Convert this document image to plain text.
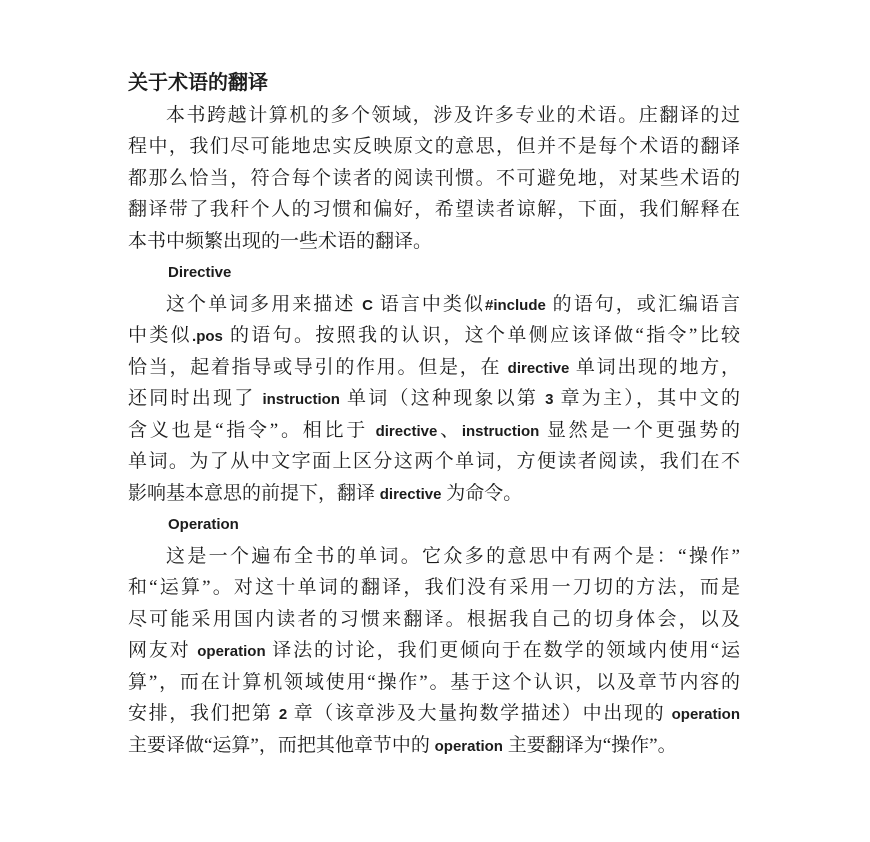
关于术语的翻译
本书跨越计算机的多个领域，涉及许多专业的术语。庄翻译的过
程中，我们尽可能地忠实反映原文的意思，但并不是每个术语的翻译
都那么恰当，符合每个读者的阅读刊惯。不可避免地，对某些术语的
翻译带了我秆个人的习惯和偏好，希望读者谅解，下面，我们解释在
本书中频繁出现的一些术语的翻译。
Directive
这个单词多用来描述 C 语言中类似#include 的语句，或汇编语言
中类似.pos 的语句。按照我的认识，这个单侧应该译做“指令”比较
恰当，起着指导或导引的作用。但是，在 directive 单词出现的地方，
还同时出现了 instruction 单词（这种现象以第 3 章为主），其中文的
含义也是“指令”。相比于 directive、instruction 显然是一个更强势的
单词。为了从中文字面上区分这两个单词，方便读者阅读，我们在不
影响基本意思的前提下，翻译 directive 为命令。
Operation
这是一个遍布全书的单词。它众多的意思中有两个是：“操作”
和“运算”。对这十单词的翻译，我们没有采用一刀切的方法，而是
尽可能采用国内读者的习惯来翻译。根据我自己的切身体会，以及
网友对 operation 译法的讨论，我们更倾向于在数学的领域内使用“运
算”，而在计算机领域使用“操作”。基于这个认识，以及章节内容的
安排，我们把第 2 章（该章涉及大量拘数学描述）中出现的 operation
主要译做“运算”，而把其他章节中的 operation 主要翻译为“操作”。
